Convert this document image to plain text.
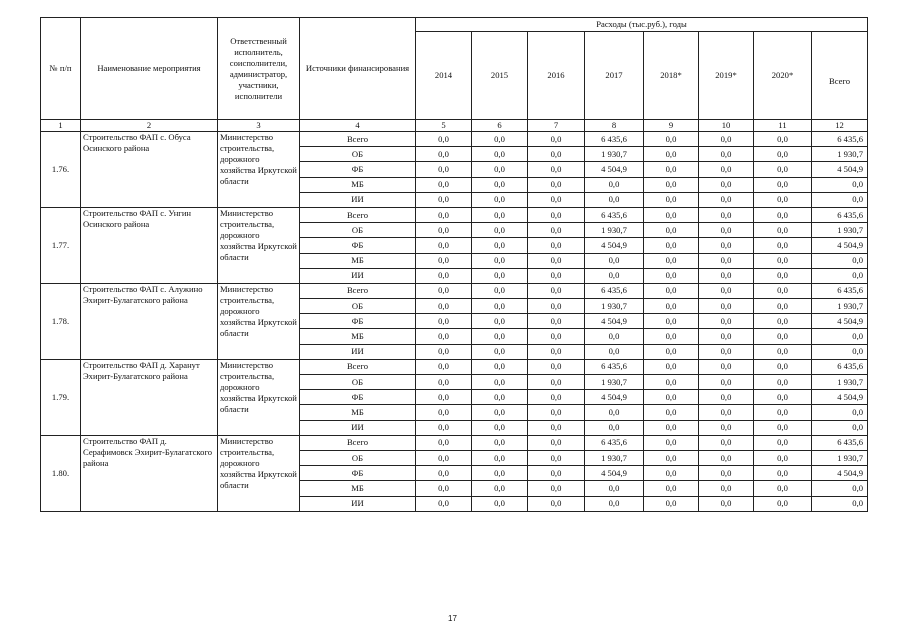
№ п/п	Наименование мероприятия	Ответственный исполнитель, соисполнители, администратор, участники, исполнители	Источники финансирования	Расходы (тыс.руб.), годы							
				2014	2015	2016	2017	2018*	2019*	2020*	Всего
1	2	3	4	5	6	7	8	9	10	11	12
1.76.	Строительство ФАП с. Обуса Осинского района	Министерство строительства, дорожного хозяйства Иркутской области	Всего	0,0	0,0	0,0	6 435,6	0,0	0,0	0,0	6 435,6
			ОБ	0,0	0,0	0,0	1 930,7	0,0	0,0	0,0	1 930,7
			ФБ	0,0	0,0	0,0	4 504,9	0,0	0,0	0,0	4 504,9
			МБ	0,0	0,0	0,0	0,0	0,0	0,0	0,0	0,0
			ИИ	0,0	0,0	0,0	0,0	0,0	0,0	0,0	0,0
1.77.	Строительство ФАП с. Унгин Осинского района	Министерство строительства, дорожного хозяйства Иркутской области	Всего	0,0	0,0	0,0	6 435,6	0,0	0,0	0,0	6 435,6
			ОБ	0,0	0,0	0,0	1 930,7	0,0	0,0	0,0	1 930,7
			ФБ	0,0	0,0	0,0	4 504,9	0,0	0,0	0,0	4 504,9
			МБ	0,0	0,0	0,0	0,0	0,0	0,0	0,0	0,0
			ИИ	0,0	0,0	0,0	0,0	0,0	0,0	0,0	0,0
1.78.	Строительство ФАП с. Алужино Эхирит-Булагатского района	Министерство строительства, дорожного хозяйства Иркутской области	Всего	0,0	0,0	0,0	6 435,6	0,0	0,0	0,0	6 435,6
			ОБ	0,0	0,0	0,0	1 930,7	0,0	0,0	0,0	1 930,7
			ФБ	0,0	0,0	0,0	4 504,9	0,0	0,0	0,0	4 504,9
			МБ	0,0	0,0	0,0	0,0	0,0	0,0	0,0	0,0
			ИИ	0,0	0,0	0,0	0,0	0,0	0,0	0,0	0,0
1.79.	Строительство ФАП д. Харанут Эхирит-Булагатского района	Министерство строительства, дорожного хозяйства Иркутской области	Всего	0,0	0,0	0,0	6 435,6	0,0	0,0	0,0	6 435,6
			ОБ	0,0	0,0	0,0	1 930,7	0,0	0,0	0,0	1 930,7
			ФБ	0,0	0,0	0,0	4 504,9	0,0	0,0	0,0	4 504,9
			МБ	0,0	0,0	0,0	0,0	0,0	0,0	0,0	0,0
			ИИ	0,0	0,0	0,0	0,0	0,0	0,0	0,0	0,0
1.80.	Строительство ФАП д. Серафимовск Эхирит-Булагатского района	Министерство строительства, дорожного хозяйства Иркутской области	Всего	0,0	0,0	0,0	6 435,6	0,0	0,0	0,0	6 435,6
			ОБ	0,0	0,0	0,0	1 930,7	0,0	0,0	0,0	1 930,7
			ФБ	0,0	0,0	0,0	4 504,9	0,0	0,0	0,0	4 504,9
			МБ	0,0	0,0	0,0	0,0	0,0	0,0	0,0	0,0
			ИИ	0,0	0,0	0,0	0,0	0,0	0,0	0,0	0,0
17
